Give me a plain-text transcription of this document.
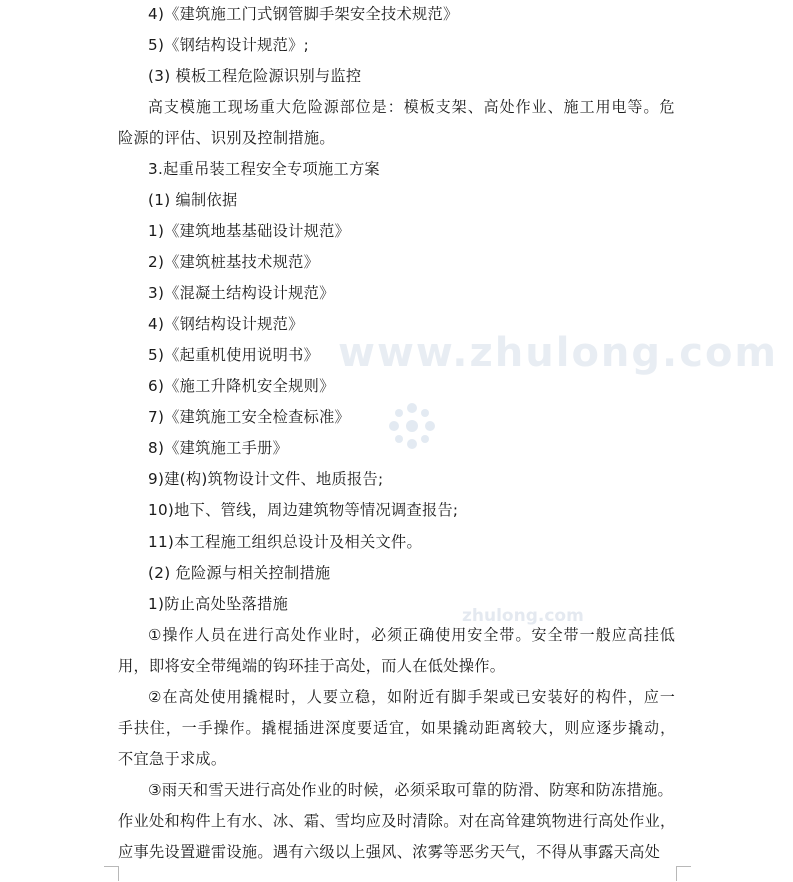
www.zhulong.com
zhulong.com
4)《建筑施工门式钢管脚手架安全技术规范》
5)《钢结构设计规范》;
(3) 模板工程危险源识别与监控
高支模施工现场重大危险源部位是：模板支架、高处作业、施工用电等。危
险源的评估、识别及控制措施。
3.起重吊装工程安全专项施工方案
(1) 编制依据
1)《建筑地基基础设计规范》
2)《建筑桩基技术规范》
3)《混凝土结构设计规范》
4)《钢结构设计规范》
5)《起重机使用说明书》
6)《施工升降机安全规则》
7)《建筑施工安全检查标准》
8)《建筑施工手册》
9)建(构)筑物设计文件、地质报告;
10)地下、管线，周边建筑物等情况调查报告;
11)本工程施工组织总设计及相关文件。
(2) 危险源与相关控制措施
1)防止高处坠落措施
①操作人员在进行高处作业时，必须正确使用安全带。安全带一般应高挂低
用，即将安全带绳端的钩环挂于高处，而人在低处操作。
②在高处使用撬棍时，人要立稳，如附近有脚手架或已安装好的构件，应一
手扶住，一手操作。撬棍插进深度要适宜，如果撬动距离较大，则应逐步撬动，
不宜急于求成。
③雨天和雪天进行高处作业的时候，必须采取可靠的防滑、防寒和防冻措施。
作业处和构件上有水、冰、霜、雪均应及时清除。对在高耸建筑物进行高处作业，
应事先设置避雷设施。遇有六级以上强风、浓雾等恶劣天气，不得从事露天高处
